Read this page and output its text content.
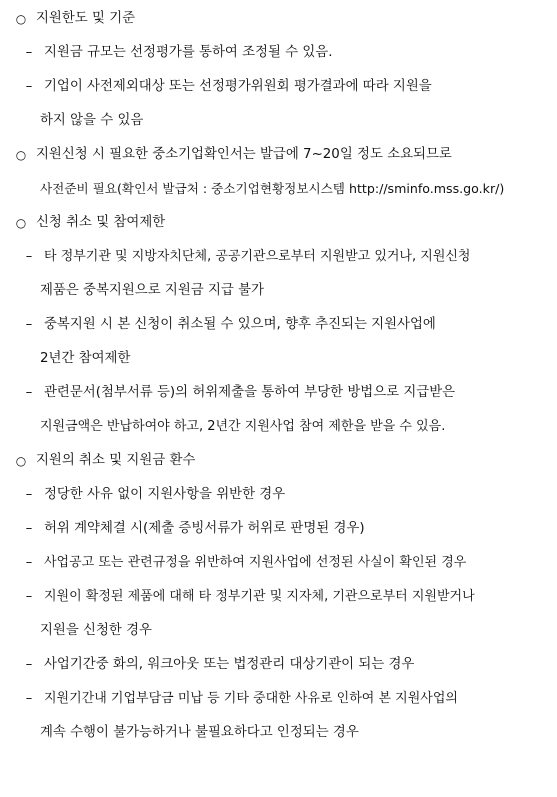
○ 지원한도 및 기준
– 지원금 규모는 선정평가를 통하여 조정될 수 있음.
– 기업이 사전제외대상 또는 선정평가위원회 평가결과에 따라 지원을
하지 않을 수 있음
○ 지원신청 시 필요한 중소기업확인서는 발급에 7~20일 정도 소요되므로
사전준비 필요(확인서 발급처 : 중소기업현황정보시스템 http://sminfo.mss.go.kr/)
○ 신청 취소 및 참여제한
– 타 정부기관 및 지방자치단체, 공공기관으로부터 지원받고 있거나, 지원신청
제품은 중복지원으로 지원금 지급 불가
– 중복지원 시 본 신청이 취소될 수 있으며, 향후 추진되는 지원사업에
2년간 참여제한
– 관련문서(첨부서류 등)의 허위제출을 통하여 부당한 방법으로 지급받은
지원금액은 반납하여야 하고, 2년간 지원사업 참여 제한을 받을 수 있음.
○ 지원의 취소 및 지원금 환수
– 정당한 사유 없이 지원사항을 위반한 경우
– 허위 계약체결 시(제출 증빙서류가 허위로 판명된 경우)
– 사업공고 또는 관련규정을 위반하여 지원사업에 선정된 사실이 확인된 경우
– 지원이 확정된 제품에 대해 타 정부기관 및 지자체, 기관으로부터 지원받거나
지원을 신청한 경우
– 사업기간중 화의, 워크아웃 또는 법정관리 대상기관이 되는 경우
– 지원기간내 기업부담금 미납 등 기타 중대한 사유로 인하여 본 지원사업의
계속 수행이 불가능하거나 불필요하다고 인정되는 경우
